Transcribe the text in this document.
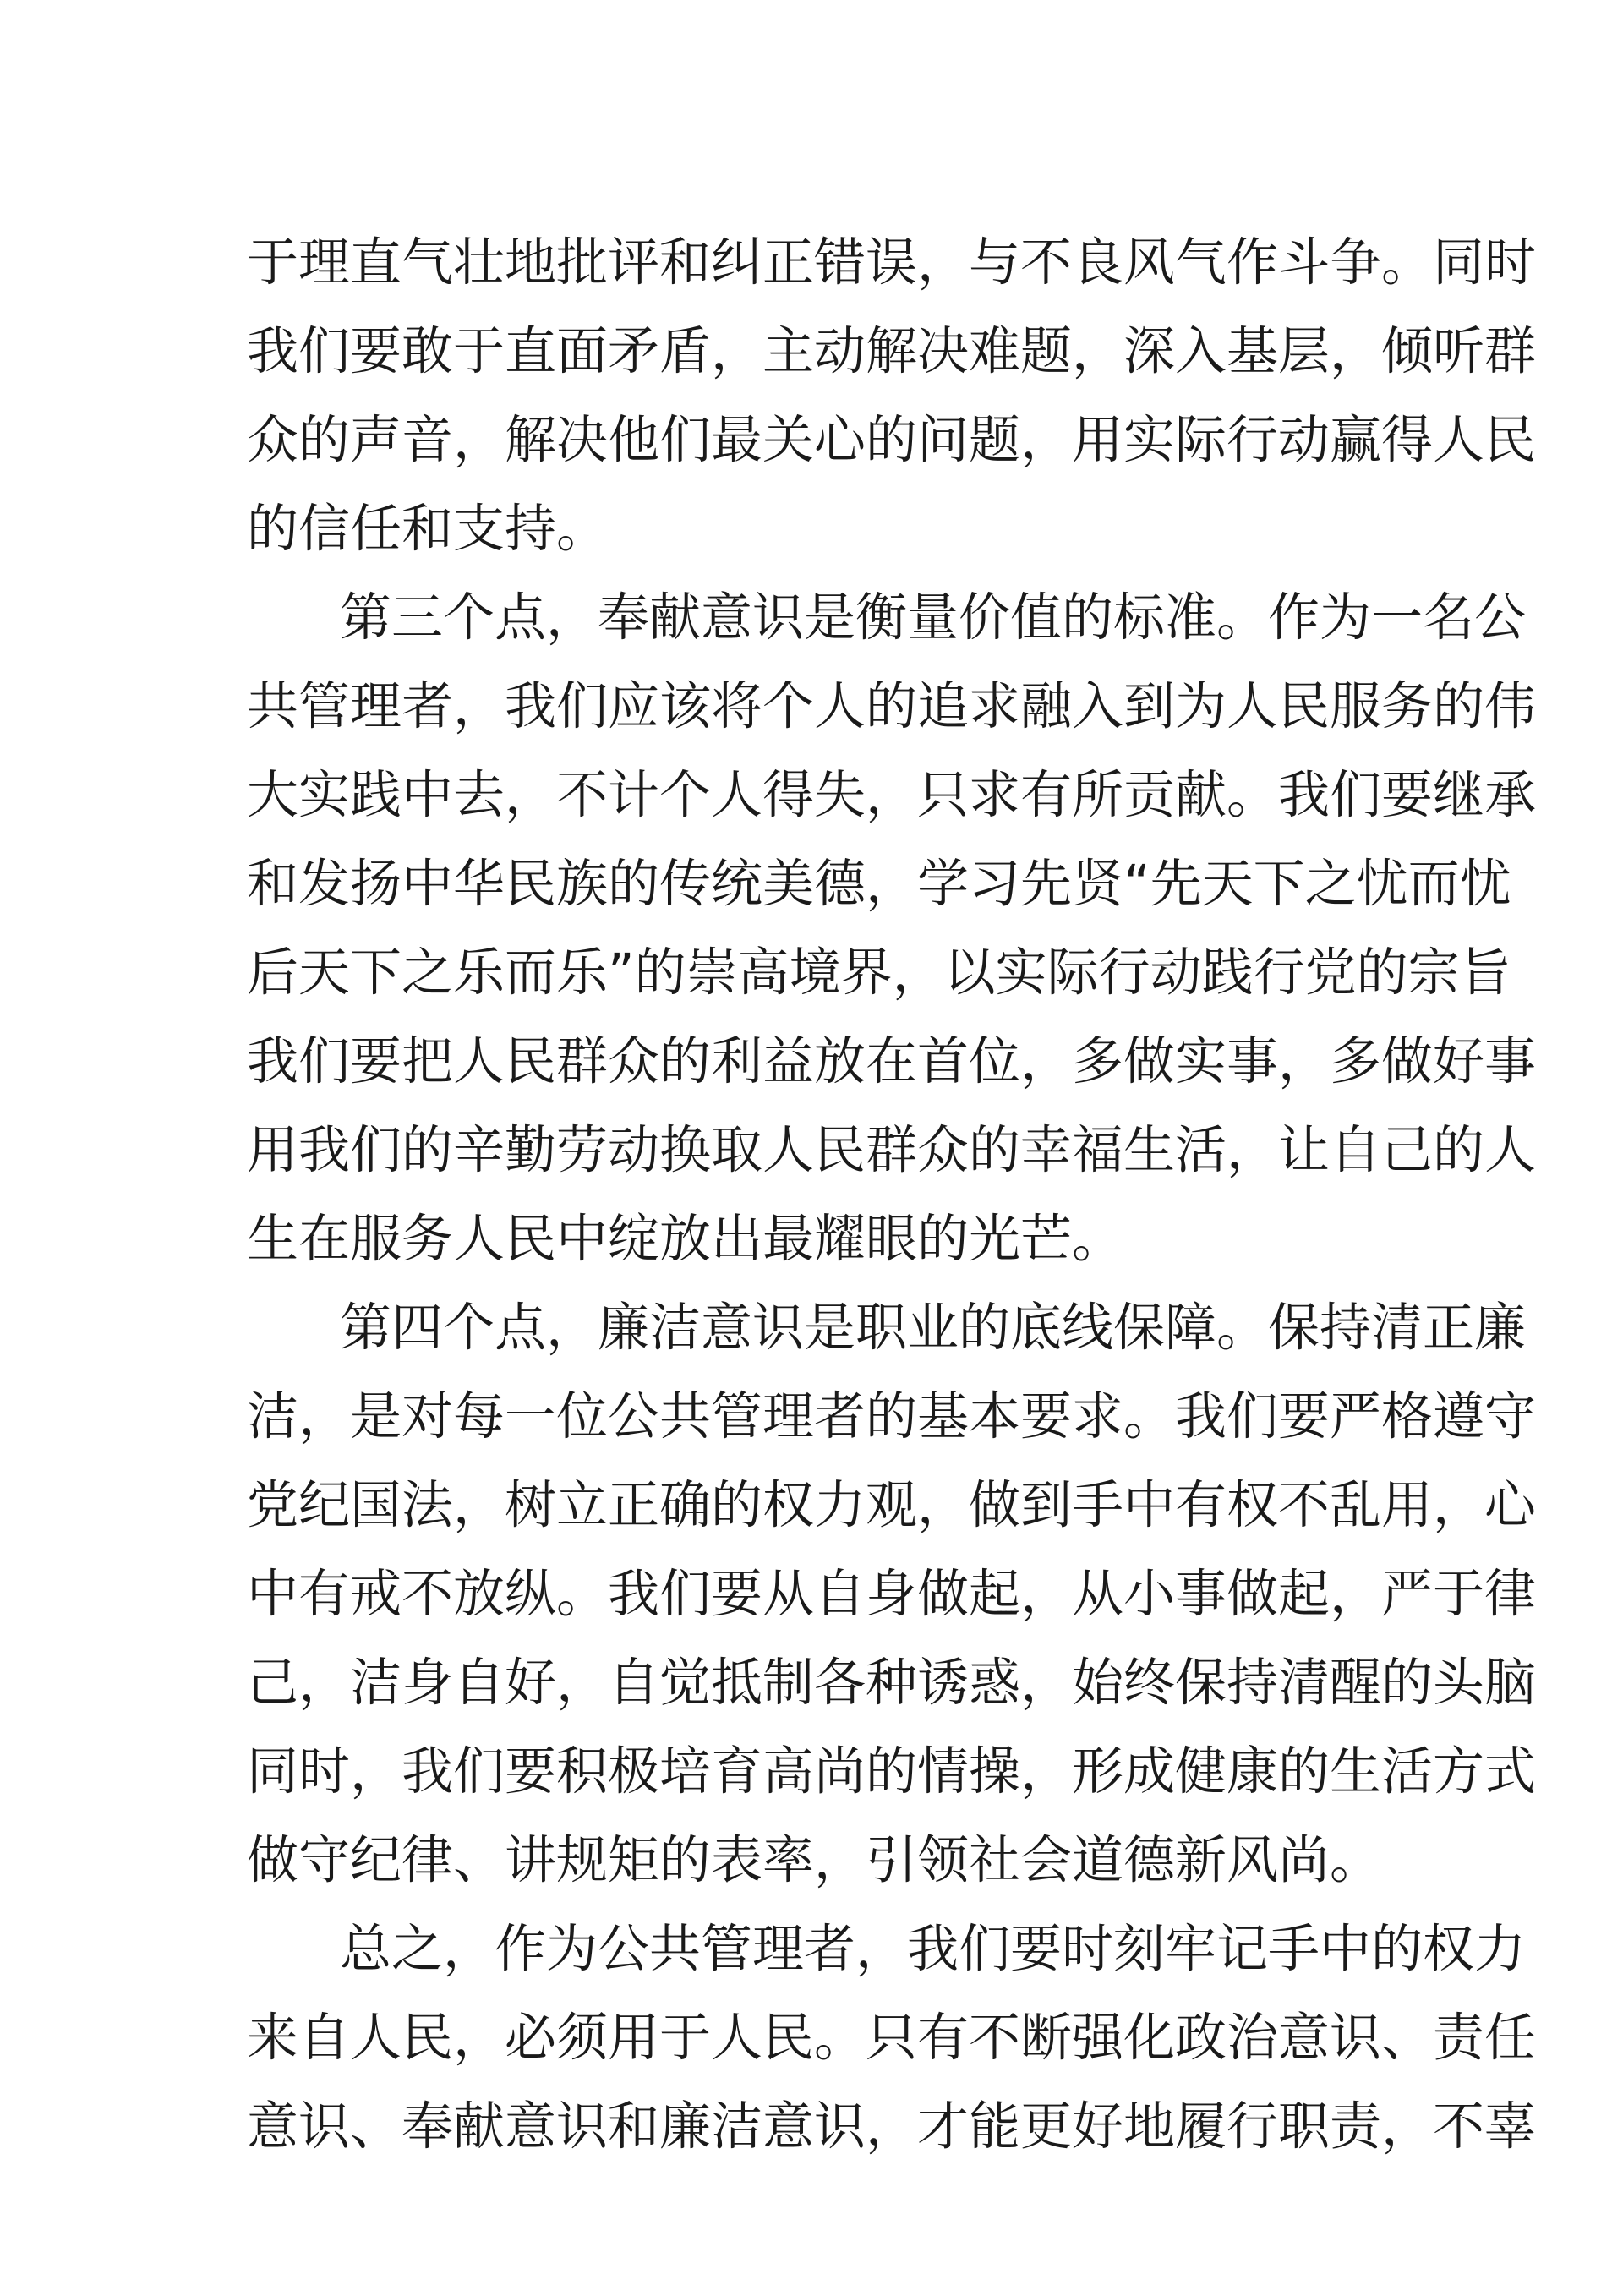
于理直气壮地批评和纠正错误，与不良风气作斗争。同时
我们要敢于直面矛盾，主动解决难题，深入基层，倾听群
众的声音，解决他们最关心的问题，用实际行动赢得人民
的信任和支持。
第三个点，奉献意识是衡量价值的标准。作为一名公
共管理者，我们应该将个人的追求融入到为人民服务的伟
大实践中去，不计个人得失，只求有所贡献。我们要继承
和发扬中华民族的传统美德，学习先贤“先天下之忧而忧
后天下之乐而乐”的崇高境界，以实际行动践行党的宗旨
我们要把人民群众的利益放在首位，多做实事，多做好事
用我们的辛勤劳动换取人民群众的幸福生活，让自己的人
生在服务人民中绽放出最耀眼的光芒。
第四个点，廉洁意识是职业的底线保障。保持清正廉
洁，是对每一位公共管理者的基本要求。我们要严格遵守
党纪国法，树立正确的权力观，做到手中有权不乱用，心
中有戒不放纵。我们要从自身做起，从小事做起，严于律
己，洁身自好，自觉抵制各种诱惑，始终保持清醒的头脑
同时，我们要积极培育高尚的情操，形成健康的生活方式
做守纪律、讲规矩的表率，引领社会道德新风尚。
总之，作为公共管理者，我们要时刻牢记手中的权力
来自人民，必须用于人民。只有不断强化政治意识、责任
意识、奉献意识和廉洁意识，才能更好地履行职责，不辜
